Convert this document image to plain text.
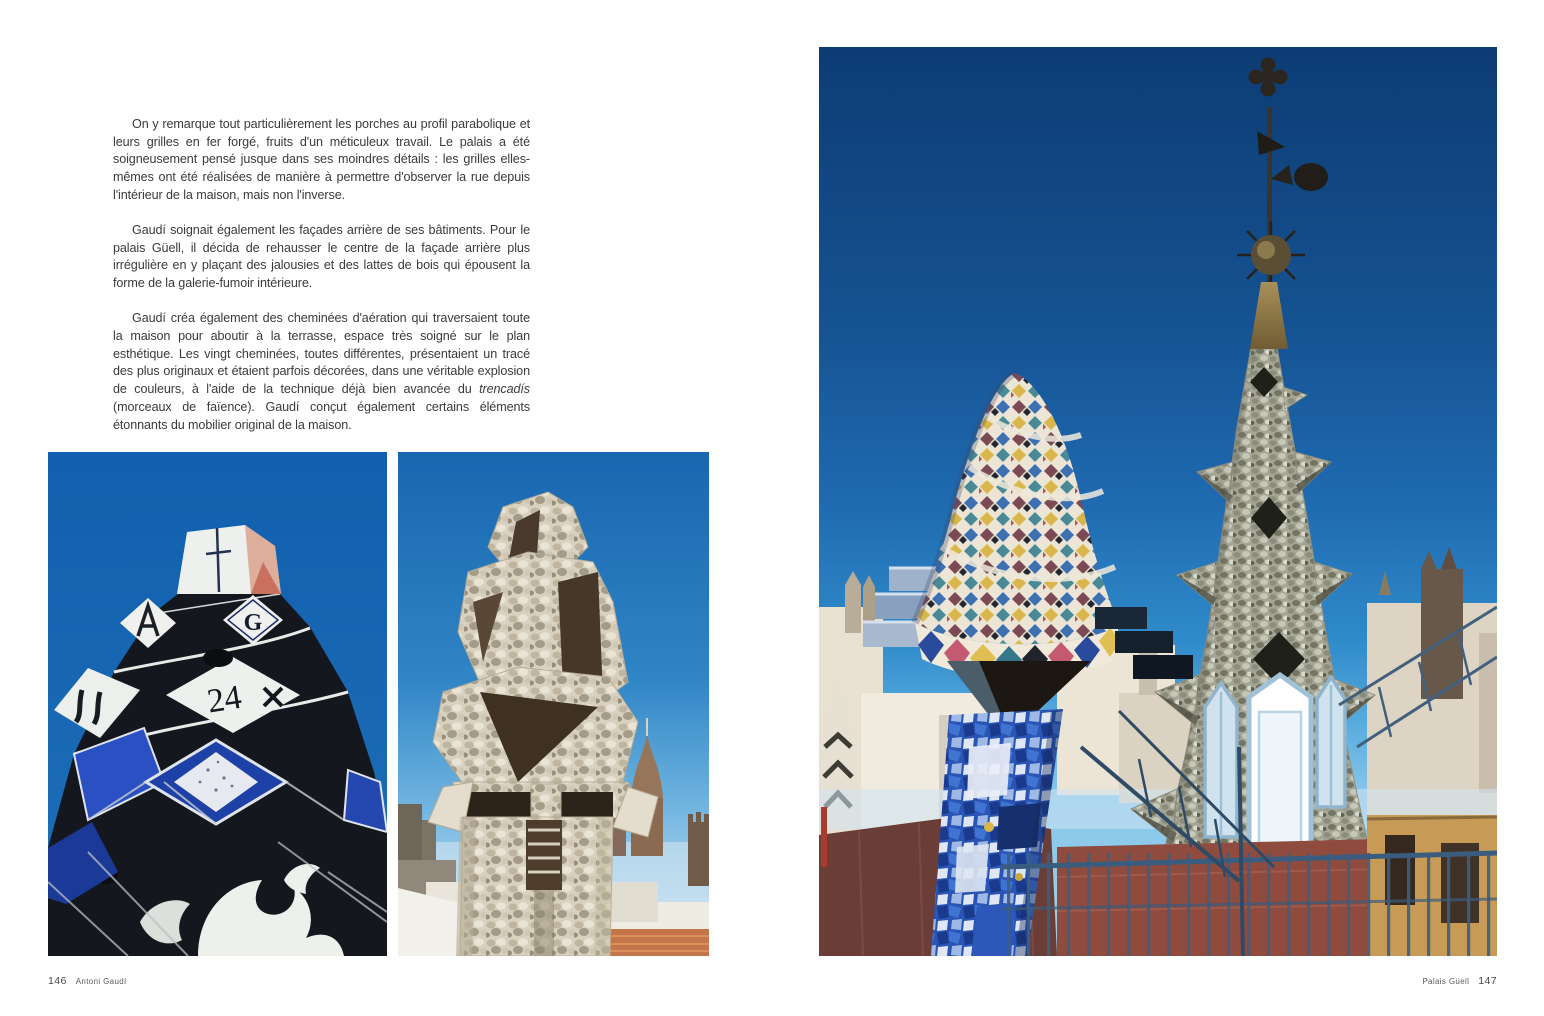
On y remarque tout particulièrement les porches au profil parabolique et leurs grilles en fer forgé, fruits d'un méticuleux travail. Le palais a été soigneusement pensé jusque dans ses moindres détails : les grilles elles-mêmes ont été réalisées de manière à permettre d'observer la rue depuis l'intérieur de la maison, mais non l'inverse.

Gaudí soignait également les façades arrière de ses bâtiments. Pour le palais Güell, il décida de rehausser le centre de la façade arrière plus irrégulière en y plaçant des jalousies et des lattes de bois qui épousent la forme de la galerie-fumoir intérieure.

Gaudí créa également des cheminées d'aération qui traversaient toute la maison pour aboutir à la terrasse, espace très soigné sur le plan esthétique. Les vingt cheminées, toutes différentes, présentaient un tracé des plus originaux et étaient parfois décorées, dans une véritable explosion de couleurs, à l'aide de la technique déjà bien avancée du trencadís (morceaux de faïence). Gaudí conçut également certains éléments étonnants du mobilier original de la maison.

G
24
146 Antoni Gaudí	Palais Güell 147
